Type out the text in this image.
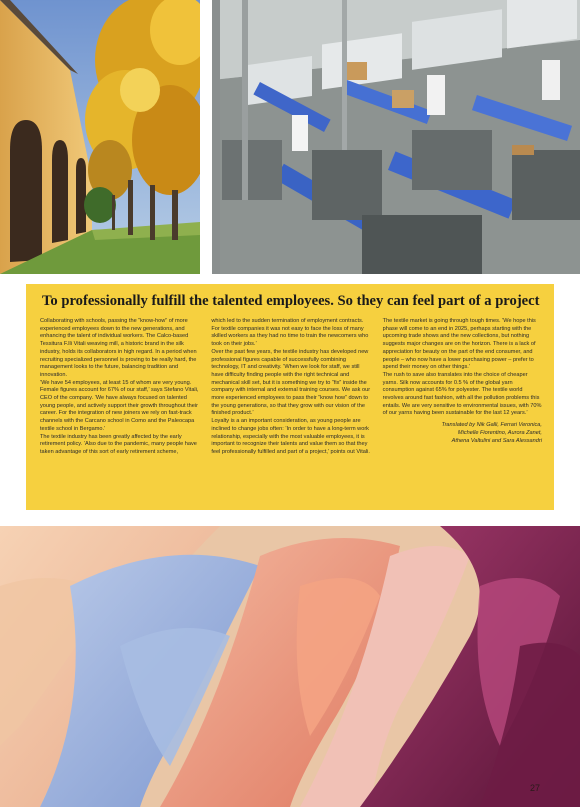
To professionally fulfill the talented employees. So they can feel part of a project

Collaborating with schools, passing the “know-how” of more experienced employees down to the new generations, and enhancing the talent of individual workers. The Calco-based Tessitura F.lli Vitali weaving mill, a historic brand in the silk industry, holds its collaborators in high regard. In a period when recruiting specialized personnel is proving to be really hard, the management looks to the future, balancing tradition and innovation.

‘We have 54 employees, at least 15 of whom are very young. Female figures account for 67% of our staff,’ says Stefano Vitali, CEO of the company. ‘We have always focused on talented young people, and actively support their growth throughout their career. For the integration of new joiners we rely on fast-track channels with the Carcano school in Como and the Paleocapa textile school in Bergamo.’

The textile industry has been greatly affected by the early retirement policy. ‘Also due to the pandemic, many people have taken advantage of this sort of early retirement scheme,

which led to the sudden termination of employment contracts. For textile companies it was not easy to face the loss of many skilled workers as they had no time to train the newcomers who took on their jobs.’

Over the past few years, the textile industry has developed new professional figures capable of successfully combining technology, IT and creativity. ‘When we look for staff, we still have difficulty finding people with the right technical and mechanical skill set, but it is something we try to “fix” inside the company with internal and external training courses. We ask our more experienced employees to pass their “know how” down to the young generations, so that they grow with our vision of the finished product.’

Loyalty is a an important consideration, as young people are inclined to change jobs often: ‘In order to have a long-term work relationship, especially with the most valuable employees, it is important to recognize their talents and value them so that they feel professionally fulfilled and part of a project,’ points out Vitali.

The textile market is going through tough times. ‘We hope this phase will come to an end in 2025, perhaps starting with the upcoming trade shows and the new collections, but nothing suggests major changes are on the horizon. There is a lack of appreciation for beauty on the part of the end consumer, and people – who now have a lower purchasing power – prefer to spend their money on other things.’

The rush to save also translates into the choice of cheaper yarns. Silk now accounts for 0.5 % of the global yarn consumption against 65% for polyester. The textile world revolves around fast fashion, with all the pollution problems this entails. We are very sensitive to environmental issues, with 70% of our yarns having been sustainable for the last 12 years.’

Translated by Nik Galli, Ferrari Veronica,
Michelle Fiorentino, Aurora Zanet,
Athena Valtulini and Sara Alessandri
27
